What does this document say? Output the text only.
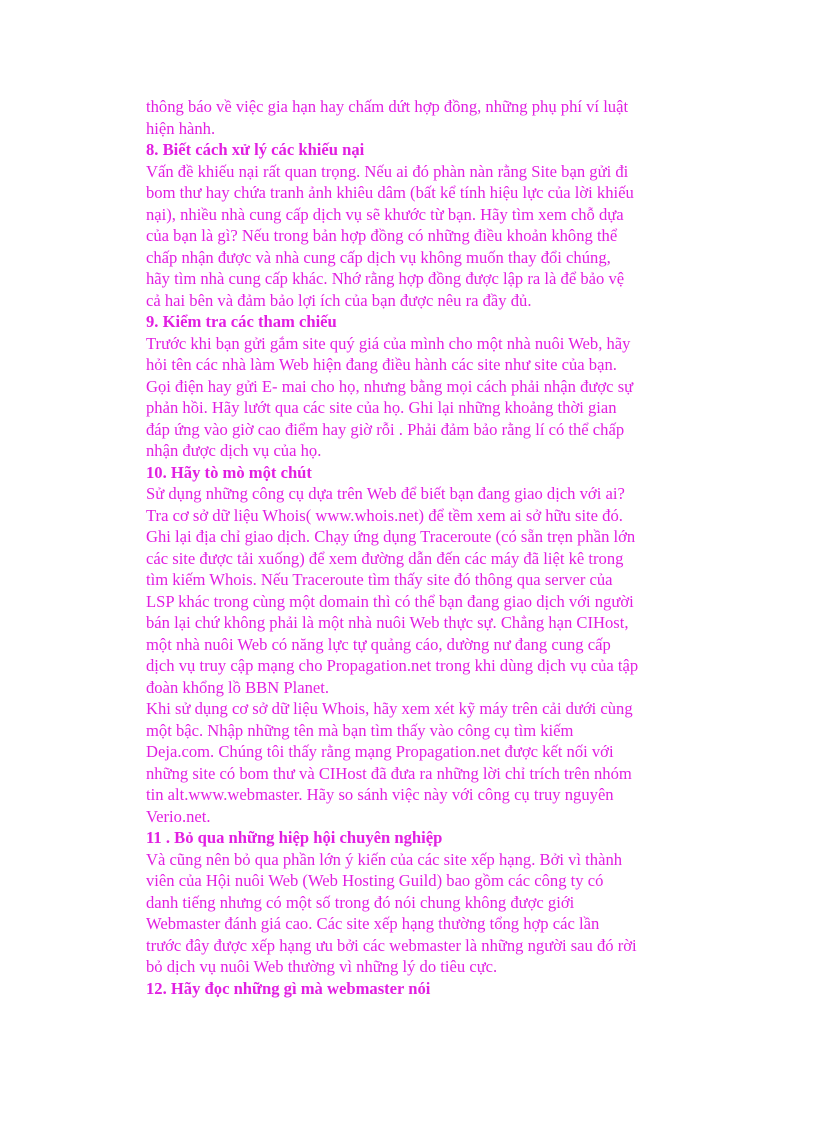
thông báo về việc gia hạn hay chấm dứt hợp đồng, những phụ phí ví luật
hiện hành.
8. Biết cách xử lý các khiếu nại
Vấn đề khiếu nại rất quan trọng. Nếu ai đó phàn nàn rằng Site bạn gửi đi
bom thư hay chứa tranh ảnh khiêu dâm (bất kể tính hiệu lực của lời khiếu
nại), nhiều nhà cung cấp dịch vụ sẽ khước từ bạn. Hãy tìm xem chỗ dựa
của bạn là gì? Nếu trong bản hợp đồng có những điều khoản không thể
chấp nhận được và nhà cung cấp dịch vụ không muốn thay đổi chúng,
hãy tìm nhà cung cấp khác. Nhớ rằng hợp đồng được lập ra là để bảo vệ
cả hai bên và đảm bảo lợi ích của bạn được nêu ra đầy đủ.
9. Kiểm tra các tham chiếu
Trước khi bạn gửi gắm site quý giá của mình cho một nhà nuôi Web, hãy
hỏi tên các nhà làm Web hiện đang điều hành các site như site của bạn.
Gọi điện hay gửi E- mai cho họ, nhưng bằng mọi cách phải nhận được sự
phản hồi. Hãy lướt qua các site của họ. Ghi lại những khoảng thời gian
đáp ứng vào giờ cao điểm hay giờ rỗi . Phải đảm bảo rằng lí có thể chấp
nhận được dịch vụ của họ.
10. Hãy tò mò một chút
Sử dụng những công cụ dựa trên Web để biết bạn đang giao dịch với ai?
Tra cơ sở dữ liệu Whois( www.whois.net) để tềm xem ai sở hữu site đó.
Ghi lại địa chỉ giao dịch. Chạy ứng dụng Traceroute (có sẵn trẹn phần lớn
các site được tải xuống) để xem đường dẫn đến các máy đã liệt kê trong
tìm kiếm Whois. Nếu Traceroute tìm thấy site đó thông qua server của
LSP khác trong cùng một domain thì có thể bạn đang giao dịch với người
bán lại chứ không phải là một nhà nuôi Web thực sự. Chẳng hạn CIHost,
một nhà nuôi Web có năng lực tự quảng cáo, dường nư đang cung cấp
dịch vụ truy cập mạng cho Propagation.net trong khi dùng dịch vụ của tập
đoàn khổng lồ BBN Planet.
Khi sử dụng cơ sở dữ liệu Whois, hãy xem xét kỹ máy trên cải dưới cùng
một bậc. Nhập những tên mà bạn tìm thấy vào công cụ tìm kiếm
Deja.com. Chúng tôi thấy rằng mạng Propagation.net được kết nối với
những site có bom thư và CIHost đã đưa ra những lời chỉ trích trên nhóm
tin alt.www.webmaster. Hãy so sánh việc này với công cụ truy nguyên
Verio.net.
11 . Bỏ qua những hiệp hội chuyên nghiệp
Và cũng nên bỏ qua phần lớn ý kiến của các site xếp hạng. Bởi vì thành
viên của Hội nuôi Web (Web Hosting Guild) bao gồm các công ty có
danh tiếng nhưng có một số trong đó nói chung không được giới
Webmaster đánh giá cao. Các site xếp hạng thường tổng hợp các lần
trước đây được xếp hạng ưu bởi các webmaster là những người sau đó rời
bỏ dịch vụ nuôi Web thường vì những lý do tiêu cực.
12. Hãy đọc những gì mà webmaster nói
